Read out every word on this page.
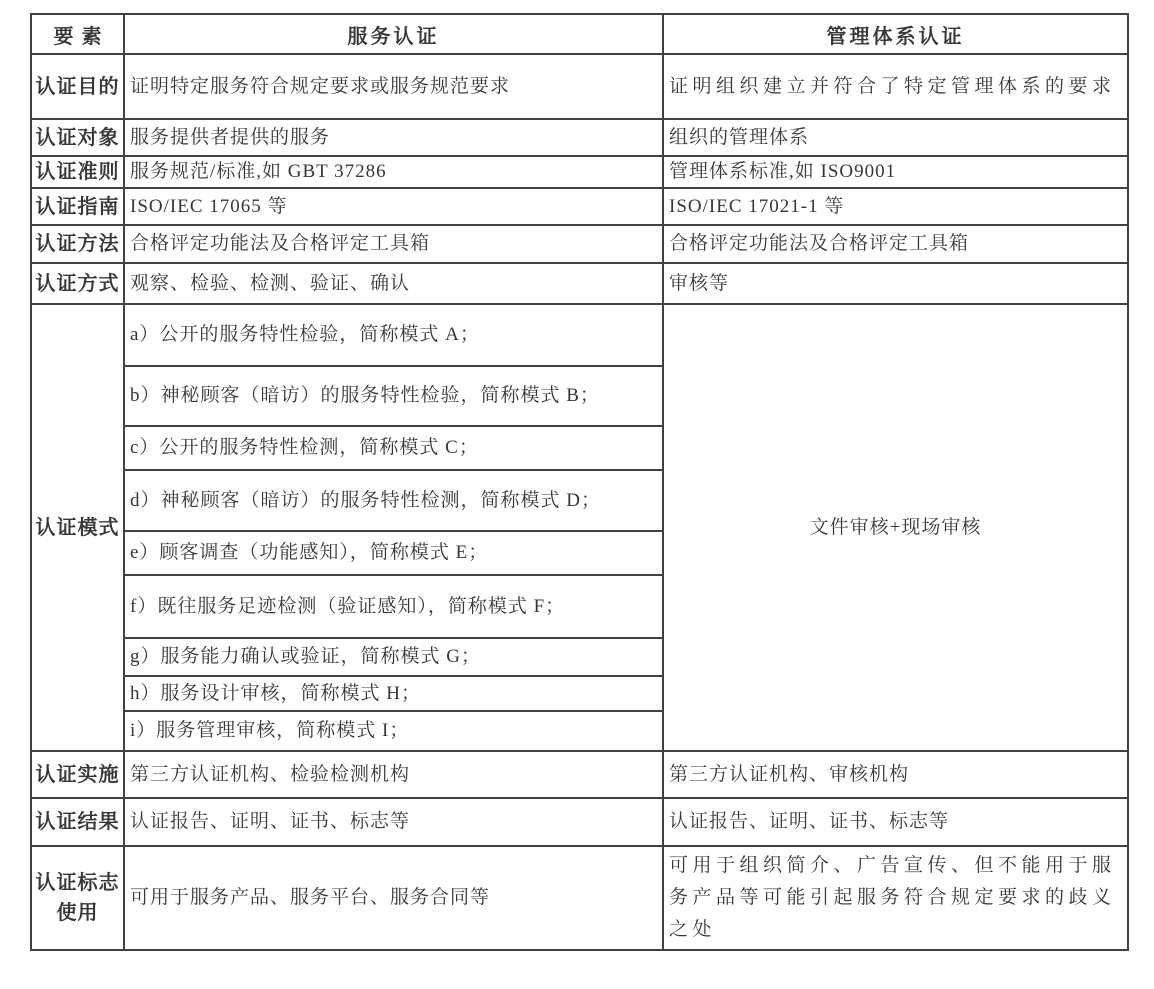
要素	服务认证	管理体系认证
认证目的	证明特定服务符合规定要求或服务规范要求	证明组织建立并符合了特定管理体系的要求
认证对象	服务提供者提供的服务	组织的管理体系
认证准则	服务规范/标准,如 GBT 37286	管理体系标准,如 ISO9001
认证指南	ISO/IEC 17065 等	ISO/IEC 17021-1 等
认证方法	合格评定功能法及合格评定工具箱	合格评定功能法及合格评定工具箱
认证方式	观察、检验、检测、验证、确认	审核等
认证模式	a）公开的服务特性检验，简称模式 A；	文件审核+现场审核
	b）神秘顾客（暗访）的服务特性检验，简称模式 B；	
	c）公开的服务特性检测，简称模式 C；	
	d）神秘顾客（暗访）的服务特性检测，简称模式 D；	
	e）顾客调查（功能感知），简称模式 E；	
	f）既往服务足迹检测（验证感知），简称模式 F；	
	g）服务能力确认或验证，简称模式 G；	
	h）服务设计审核，简称模式 H；	
	i）服务管理审核，简称模式 I；	
认证实施	第三方认证机构、检验检测机构	第三方认证机构、审核机构
认证结果	认证报告、证明、证书、标志等	认证报告、证明、证书、标志等
认证标志使用	可用于服务产品、服务平台、服务合同等	可用于组织简介、广告宣传、但不能用于服务产品等可能引起服务符合规定要求的歧义之处
